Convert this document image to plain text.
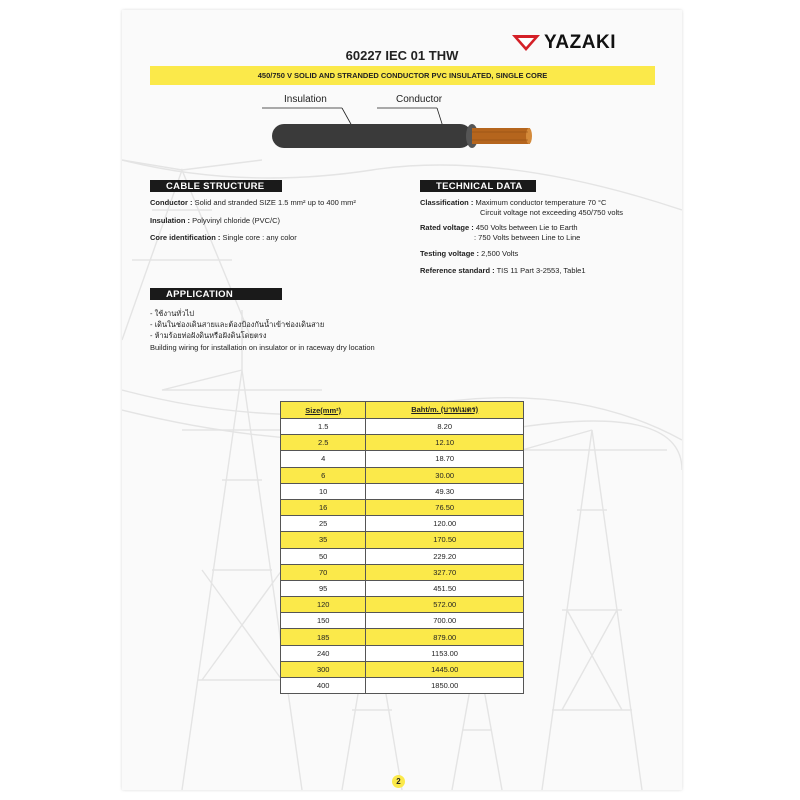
YAZAKI
60227 IEC 01 THW
450/750 V SOLID AND STRANDED CONDUCTOR PVC INSULATED, SINGLE CORE
Insulation	Conductor
CABLE STRUCTURE
Conductor : Solid and stranded SIZE 1.5 mm² up to 400 mm²
Insulation : Polyvinyl chloride (PVC/C)
Core identification : Single core : any color
TECHNICAL DATA
Classification : Maximum conductor temperature 70 °C
Circuit voltage not exceeding 450/750 volts
Rated voltage : 450 Volts between Lie to Earth
: 750 Volts between Line to Line
Testing voltage : 2,500 Volts
Reference standard : TIS 11 Part 3-2553, Table1
APPLICATION
- ใช้งานทั่วไป
- เดินในช่องเดินสายและต้องป้องกันน้ำเข้าช่องเดินสาย
- ห้ามร้อยท่อฝังดินหรือฝังดินโดยตรง
Building wiring for installation on insulator or in raceway dry location
Size(mm²)	Baht/m. (บาท/เมตร)
1.5	8.20
2.5	12.10
4	18.70
6	30.00
10	49.30
16	76.50
25	120.00
35	170.50
50	229.20
70	327.70
95	451.50
120	572.00
150	700.00
185	879.00
240	1153.00
300	1445.00
400	1850.00
2
